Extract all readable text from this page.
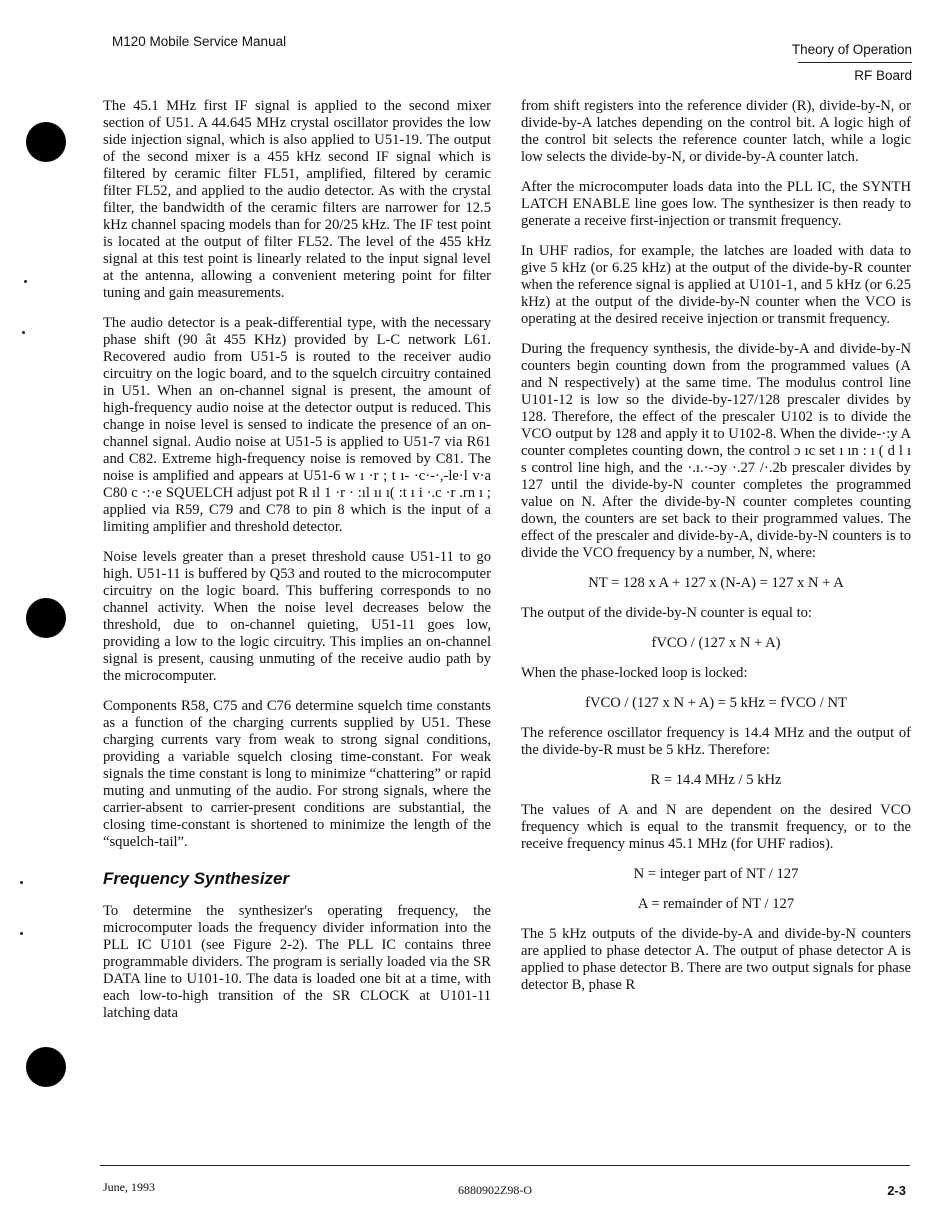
M120 Mobile Service Manual
Theory of Operation
RF Board

The 45.1 MHz first IF signal is applied to the second mixer section of U51. A 44.645 MHz crystal oscillator provides the low side injection signal, which is also applied to U51-19. The output of the second mixer is a 455 kHz second IF signal which is filtered by ceramic filter FL51, amplified, filtered by ceramic filter FL52, and applied to the audio detector. As with the crystal filter, the bandwidth of the ceramic filters are narrower for 12.5 kHz channel spacing models than for 20/25 kHz. The IF test point is located at the output of filter FL52. The level of the 455 kHz signal at this test point is linearly related to the input signal level at the antenna, allowing a convenient metering point for filter tuning and gain measurements.

The audio detector is a peak-differential type, with the necessary phase shift (90 ât 455 KHz) provided by L-C network L61. Recovered audio from U51-5 is routed to the receiver audio circuitry on the logic board, and to the squelch circuitry contained in U51. When an on-channel signal is present, the amount of high-frequency audio noise at the detector output is reduced. This change in noise level is sensed to indicate the presence of an on-channel signal. Audio noise at U51-5 is applied to U51-7 via R61 and C82. Extreme high-frequency noise is removed by C81. The noise is amplified and appears at U51-6 w ı ·r ; t ı- ·c·-·,-le·l v·a C80 c ·:·e SQUELCH adjust pot R ıl 1 ·r · :ıl ıı ı( :t ı i ·.c ·r .rn ı ; applied via R59, C79 and C78 to pin 8 which is the input of a limiting amplifier and threshold detector.

Noise levels greater than a preset threshold cause U51-11 to go high. U51-11 is buffered by Q53 and routed to the microcomputer circuitry on the logic board. This buffering corresponds to no channel activity. When the noise level decreases below the threshold, due to on-channel quieting, U51-11 goes low, providing a low to the logic circuitry. This implies an on-channel signal is present, causing unmuting of the receive audio path by the microcomputer.

Components R58, C75 and C76 determine squelch time constants as a function of the charging currents supplied by U51. These charging currents vary from weak to strong signal conditions, providing a variable squelch closing time-constant. For weak signals the time constant is long to minimize “chattering” or rapid muting and unmuting of the audio. For strong signals, where the carrier-absent to carrier-present conditions are substantial, the closing time-constant is shortened to minimize the length of the “squelch-tail”.

Frequency Synthesizer

To determine the synthesizer's operating frequency, the microcomputer loads the frequency divider information into the PLL IC U101 (see Figure 2-2). The PLL IC contains three programmable dividers. The program is serially loaded via the SR DATA line to U101-10. The data is loaded one bit at a time, with each low-to-high transition of the SR CLOCK at U101-11 latching data

from shift registers into the reference divider (R), divide-by-N, or divide-by-A latches depending on the control bit. A logic high of the control bit selects the reference counter latch, while a logic low selects the divide-by-N, or divide-by-A counter latch.

After the microcomputer loads data into the PLL IC, the SYNTH LATCH ENABLE line goes low. The synthesizer is then ready to generate a receive first-injection or transmit frequency.

In UHF radios, for example, the latches are loaded with data to give 5 kHz (or 6.25 kHz) at the output of the divide-by-R counter when the reference signal is applied at U101-1, and 5 kHz (or 6.25 kHz) at the output of the divide-by-N counter when the VCO is operating at the desired receive injection or transmit frequency.

During the frequency synthesis, the divide-by-A and divide-by-N counters begin counting down from the programmed values (A and N respectively) at the same time. The modulus control line U101-12 is low so the divide-by-127/128 prescaler divides by 128. Therefore, the effect of the prescaler U102 is to divide the VCO output by 128 and apply it to U102-8. When the divide-·:y A counter completes counting down, the control ɔ ıc set ı ın : ı ( d l ı s control line high, and the ·.ı.·-ɔy ·.27 /·.2b prescaler divides by 127 until the divide-by-N counter completes the programmed value on N. After the divide-by-N counter completes counting down, the counters are set back to their programmed values. The effect of the prescaler and divide-by-A, divide-by-N counters is to divide the VCO frequency by a number, N, where:

NT = 128 x A + 127 x (N-A) = 127 x N + A

The output of the divide-by-N counter is equal to:

fVCO / (127 x N + A)

When the phase-locked loop is locked:

fVCO / (127 x N + A) = 5 kHz = fVCO / NT

The reference oscillator frequency is 14.4 MHz and the output of the divide-by-R must be 5 kHz. Therefore:

R = 14.4 MHz / 5 kHz

The values of A and N are dependent on the desired VCO frequency which is equal to the transmit frequency, or to the receive frequency minus 45.1 MHz (for UHF radios).

N = integer part of NT / 127
A = remainder of NT / 127

The 5 kHz outputs of the divide-by-A and divide-by-N counters are applied to phase detector A. The output of phase detector A is applied to phase detector B. There are two output signals for phase detector B, phase R

June, 1993	6880902Z98-O	2-3
